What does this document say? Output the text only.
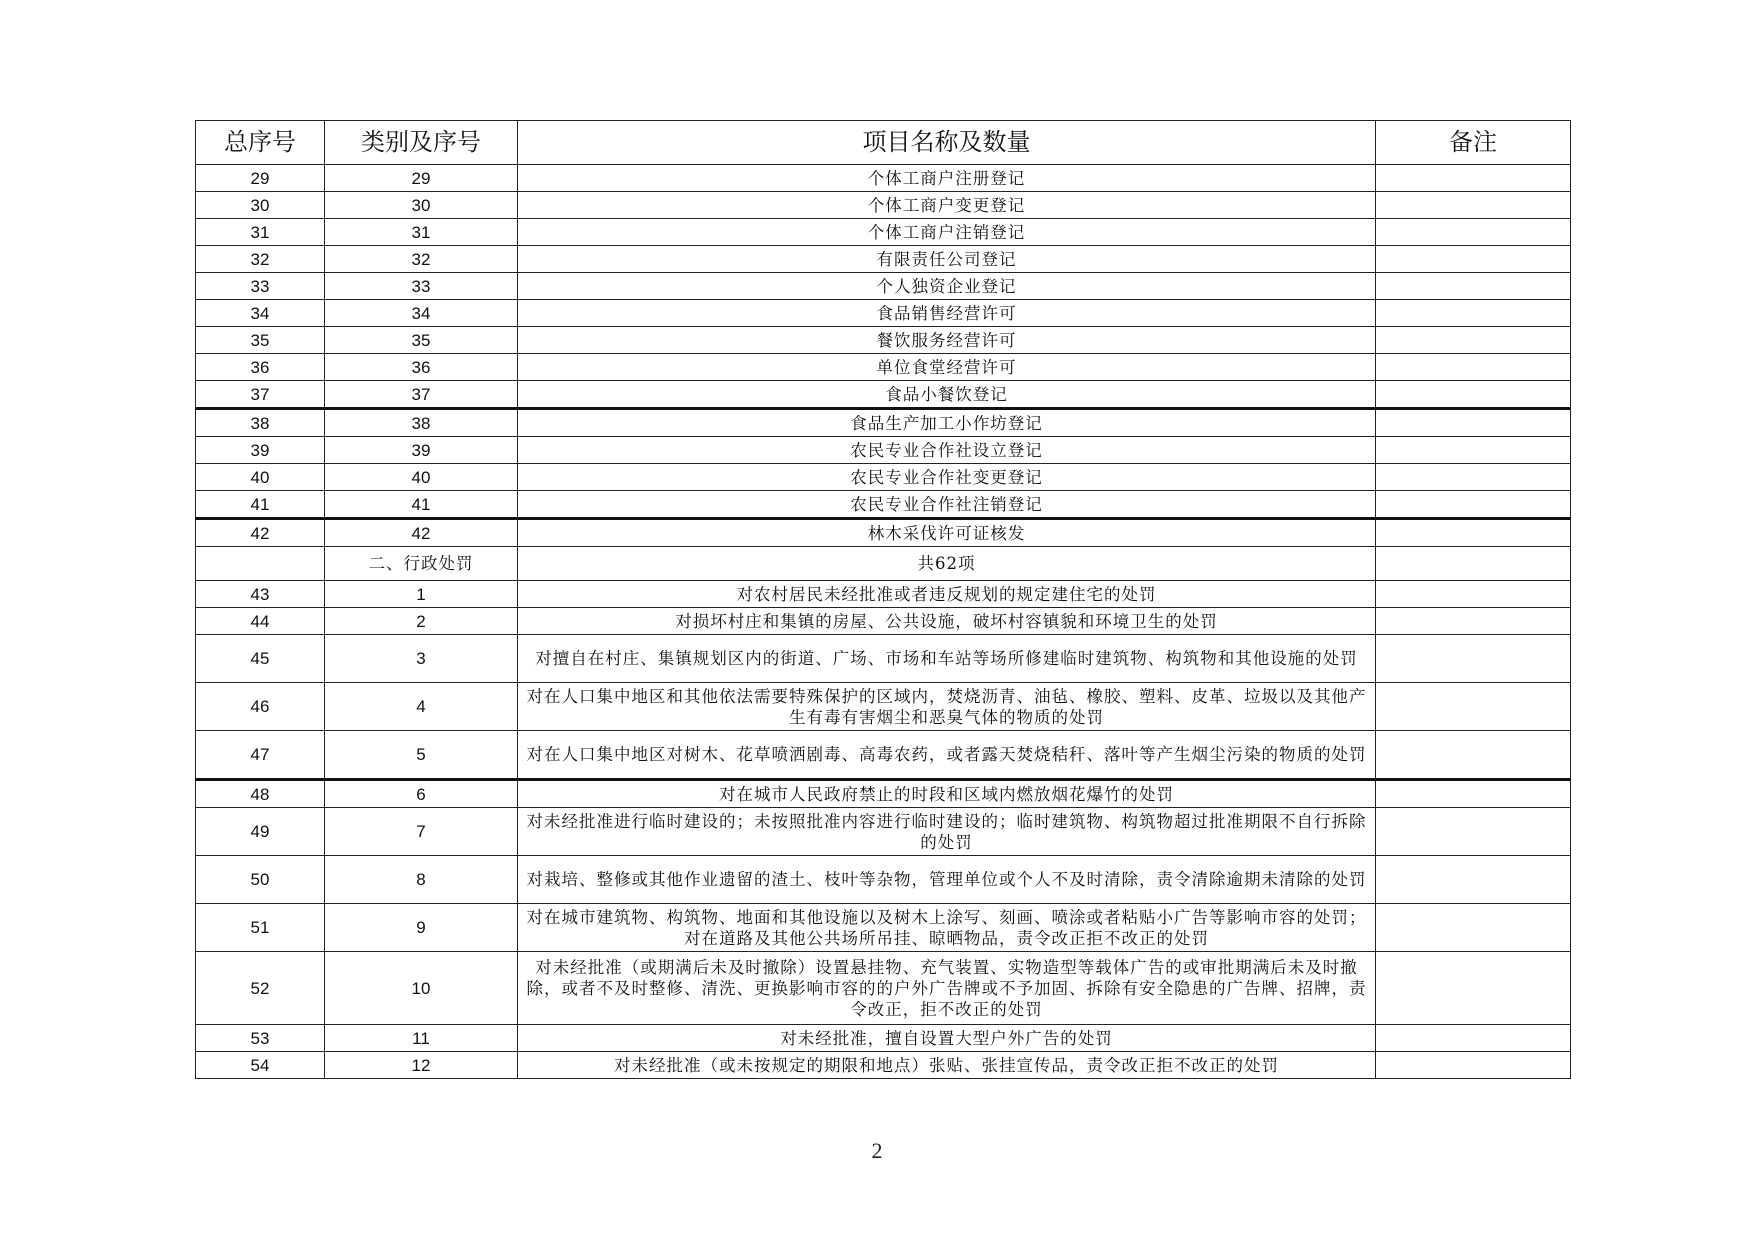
总序号	类别及序号	项目名称及数量	备注
29	29	个体工商户注册登记	
30	30	个体工商户变更登记	
31	31	个体工商户注销登记	
32	32	有限责任公司登记	
33	33	个人独资企业登记	
34	34	食品销售经营许可	
35	35	餐饮服务经营许可	
36	36	单位食堂经营许可	
37	37	食品小餐饮登记	
38	38	食品生产加工小作坊登记	
39	39	农民专业合作社设立登记	
40	40	农民专业合作社变更登记	
41	41	农民专业合作社注销登记	
42	42	林木采伐许可证核发	
	二、行政处罚	共62项	
43	1	对农村居民未经批准或者违反规划的规定建住宅的处罚	
44	2	对损坏村庄和集镇的房屋、公共设施，破坏村容镇貌和环境卫生的处罚	
45	3	对擅自在村庄、集镇规划区内的街道、广场、市场和车站等场所修建临时建筑物、构筑物和其他设施的处罚	
46	4	对在人口集中地区和其他依法需要特殊保护的区域内，焚烧沥青、油毡、橡胶、塑料、皮革、垃圾以及其他产生有毒有害烟尘和恶臭气体的物质的处罚	
47	5	对在人口集中地区对树木、花草喷洒剧毒、高毒农药，或者露天焚烧秸秆、落叶等产生烟尘污染的物质的处罚	
48	6	对在城市人民政府禁止的时段和区域内燃放烟花爆竹的处罚	
49	7	对未经批准进行临时建设的；未按照批准内容进行临时建设的；临时建筑物、构筑物超过批准期限不自行拆除的处罚	
50	8	对栽培、整修或其他作业遗留的渣土、枝叶等杂物，管理单位或个人不及时清除，责令清除逾期未清除的处罚	
51	9	对在城市建筑物、构筑物、地面和其他设施以及树木上涂写、刻画、喷涂或者粘贴小广告等影响市容的处罚；对在道路及其他公共场所吊挂、晾晒物品，责令改正拒不改正的处罚	
52	10	对未经批准（或期满后未及时撤除）设置悬挂物、充气装置、实物造型等载体广告的或审批期满后未及时撤除，或者不及时整修、清洗、更换影响市容的的户外广告牌或不予加固、拆除有安全隐患的广告牌、招牌，责令改正，拒不改正的处罚	
53	11	对未经批准，擅自设置大型户外广告的处罚	
54	12	对未经批准（或未按规定的期限和地点）张贴、张挂宣传品，责令改正拒不改正的处罚	
2
